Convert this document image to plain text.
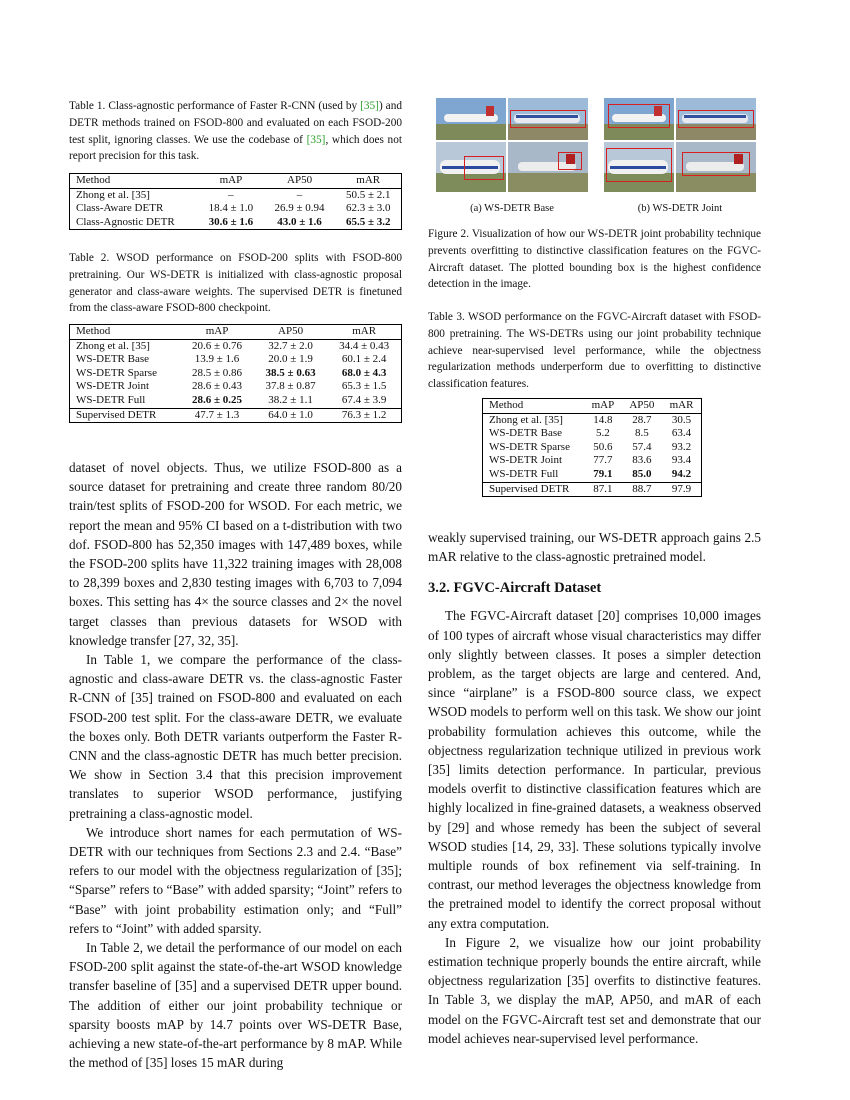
Table 1. Class-agnostic performance of Faster R-CNN (used by [35]) and DETR methods trained on FSOD-800 and evaluated on each FSOD-200 test split, ignoring classes. We use the codebase of [35], which does not report precision for this task.

Method	mAP	AP50	mAR
Zhong et al. [35]	–	–	50.5 ± 2.1
Class-Aware DETR	18.4 ± 1.0	26.9 ± 0.94	62.3 ± 3.0
Class-Agnostic DETR	30.6 ± 1.6	43.0 ± 1.6	65.5 ± 3.2

Table 2. WSOD performance on FSOD-200 splits with FSOD-800 pretraining. Our WS-DETR is initialized with class-agnostic proposal generator and class-aware weights. The supervised DETR is finetuned from the class-aware FSOD-800 checkpoint.

Method	mAP	AP50	mAR
Zhong et al. [35]	20.6 ± 0.76	32.7 ± 2.0	34.4 ± 0.43
WS-DETR Base	13.9 ± 1.6	20.0 ± 1.9	60.1 ± 2.4
WS-DETR Sparse	28.5 ± 0.86	38.5 ± 0.63	68.0 ± 4.3
WS-DETR Joint	28.6 ± 0.43	37.8 ± 0.87	65.3 ± 1.5
WS-DETR Full	28.6 ± 0.25	38.2 ± 1.1	67.4 ± 3.9
Supervised DETR	47.7 ± 1.3	64.0 ± 1.0	76.3 ± 1.2

dataset of novel objects. Thus, we utilize FSOD-800 as a source dataset for pretraining and create three random 80/20 train/test splits of FSOD-200 for WSOD. For each metric, we report the mean and 95% CI based on a t-distribution with two dof. FSOD-800 has 52,350 images with 147,489 boxes, while the FSOD-200 splits have 11,322 training images with 28,008 to 28,399 boxes and 2,830 testing images with 6,703 to 7,094 boxes. This setting has 4× the source classes and 2× the novel target classes than previous datasets for WSOD with knowledge transfer [27, 32, 35].

In Table 1, we compare the performance of the class-agnostic and class-aware DETR vs. the class-agnostic Faster R-CNN of [35] trained on FSOD-800 and evaluated on each FSOD-200 test split. For the class-aware DETR, we evaluate the boxes only. Both DETR variants outperform the Faster R-CNN and the class-agnostic DETR has much better precision. We show in Section 3.4 that this precision improvement translates to superior WSOD performance, justifying pretraining a class-agnostic model.

We introduce short names for each permutation of WS-DETR with our techniques from Sections 2.3 and 2.4. “Base” refers to our model with the objectness regularization of [35]; “Sparse” refers to “Base” with added sparsity; “Joint” refers to “Base” with joint probability estimation only; and “Full” refers to “Joint” with added sparsity.

In Table 2, we detail the performance of our model on each FSOD-200 split against the state-of-the-art WSOD knowledge transfer baseline of [35] and a supervised DETR upper bound. The addition of either our joint probability technique or sparsity boosts mAP by 14.7 points over WS-DETR Base, achieving a new state-of-the-art performance by 8 mAP. While the method of [35] loses 15 mAR during

(a) WS-DETR Base	(b) WS-DETR Joint

Figure 2. Visualization of how our WS-DETR joint probability technique prevents overfitting to distinctive classification features on the FGVC-Aircraft dataset. The plotted bounding box is the highest confidence detection in the image.

Table 3. WSOD performance on the FGVC-Aircraft dataset with FSOD-800 pretraining. The WS-DETRs using our joint probability technique achieve near-supervised level performance, while the objectness regularization methods underperform due to overfitting to distinctive classification features.

Method	mAP	AP50	mAR
Zhong et al. [35]	14.8	28.7	30.5
WS-DETR Base	5.2	8.5	63.4
WS-DETR Sparse	50.6	57.4	93.2
WS-DETR Joint	77.7	83.6	93.4
WS-DETR Full	79.1	85.0	94.2
Supervised DETR	87.1	88.7	97.9

weakly supervised training, our WS-DETR approach gains 2.5 mAR relative to the class-agnostic pretrained model.

3.2. FGVC-Aircraft Dataset

The FGVC-Aircraft dataset [20] comprises 10,000 images of 100 types of aircraft whose visual characteristics may differ only slightly between classes. It poses a simpler detection problem, as the target objects are large and centered. And, since “airplane” is a FSOD-800 source class, we expect WSOD models to perform well on this task. We show our joint probability formulation achieves this outcome, while the objectness regularization technique utilized in previous work [35] limits detection performance. In particular, previous models overfit to distinctive classification features which are highly localized in fine-grained datasets, a weakness observed by [29] and whose remedy has been the subject of several WSOD studies [14, 29, 33]. These solutions typically involve multiple rounds of box refinement via self-training. In contrast, our method leverages the objectness knowledge from the pretrained model to identify the correct proposal without any extra computation.

In Figure 2, we visualize how our joint probability estimation technique properly bounds the entire aircraft, while objectness regularization [35] overfits to distinctive features. In Table 3, we display the mAP, AP50, and mAR of each model on the FGVC-Aircraft test set and demonstrate that our model achieves near-supervised level performance.
